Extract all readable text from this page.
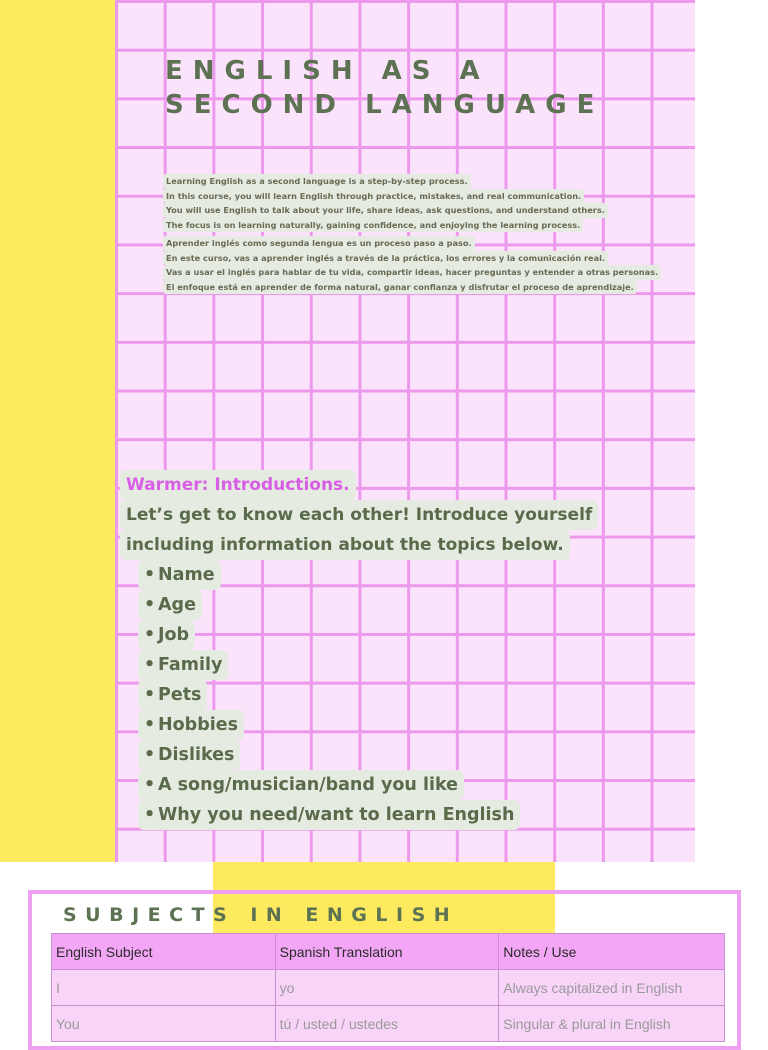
ENGLISH AS A
SECOND LANGUAGE
Learning English as a second language is a step-by-step process.
In this course, you will learn English through practice, mistakes, and real communication.
You will use English to talk about your life, share ideas, ask questions, and understand others.
The focus is on learning naturally, gaining confidence, and enjoying the learning process.
Aprender inglés como segunda lengua es un proceso paso a paso.
En este curso, vas a aprender inglés a través de la práctica, los errores y la comunicación real.
Vas a usar el inglés para hablar de tu vida, compartir ideas, hacer preguntas y entender a otras personas.
El enfoque está en aprender de forma natural, ganar confianza y disfrutar el proceso de aprendizaje.
Warmer: Introductions.
Let’s get to know each other! Introduce yourself
including information about the topics below.
• Name
• Age
• Job
• Family
• Pets
• Hobbies
• Dislikes
• A song/musician/band you like
• Why you need/want to learn English
SUBJECTS IN ENGLISH
English Subject	Spanish Translation	Notes / Use
I	yo	Always capitalized in English
You	tú / usted / ustedes	Singular & plural in English
